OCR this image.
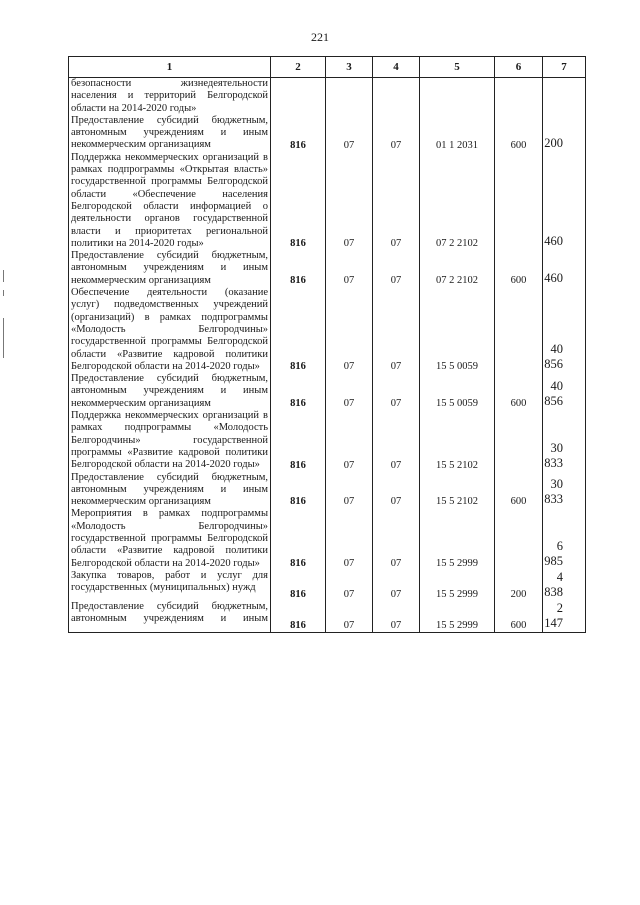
221
1	2	3	4	5	6	7
безопасности жизнедеятельности населения и территорий Белгородской области на 2014-2020 годы»						
Предоставление субсидий бюджетным, автономным учреждениям и иным некоммерческим организациям	816	07	07	01 1 2031	600	200
Поддержка некоммерческих организаций в рамках подпрограммы «Открытая власть» государственной программы Белгородской области «Обеспечение населения Белгородской области информацией о деятельности органов государственной власти и приоритетах региональной политики на 2014-2020 годы»	816	07	07	07 2 2102		460
Предоставление субсидий бюджетным, автономным учреждениям и иным некоммерческим организациям	816	07	07	07 2 2102	600	460
Обеспечение деятельности (оказание услуг) подведомственных учреждений (организаций) в рамках подпрограммы «Молодость Белгородчины» государственной программы Белгородской области «Развитие кадровой политики Белгородской области на 2014-2020 годы»	816	07	07	15 5 0059		40 856
Предоставление субсидий бюджетным, автономным учреждениям и иным некоммерческим организациям	816	07	07	15 5 0059	600	40 856
Поддержка некоммерческих организаций в рамках подпрограммы «Молодость Белгородчины» государственной программы «Развитие кадровой политики Белгородской области на 2014-2020 годы»	816	07	07	15 5 2102		30 833
Предоставление субсидий бюджетным, автономным учреждениям и иным некоммерческим организациям	816	07	07	15 5 2102	600	30 833
Мероприятия в рамках подпрограммы «Молодость Белгородчины» государственной программы Белгородской области «Развитие кадровой политики Белгородской области на 2014-2020 годы»	816	07	07	15 5 2999		6 985
Закупка товаров, работ и услуг для государственных (муниципальных) нужд	816	07	07	15 5 2999	200	4 838
Предоставление субсидий бюджетным, автономным учреждениям и иным	816	07	07	15 5 2999	600	2 147
